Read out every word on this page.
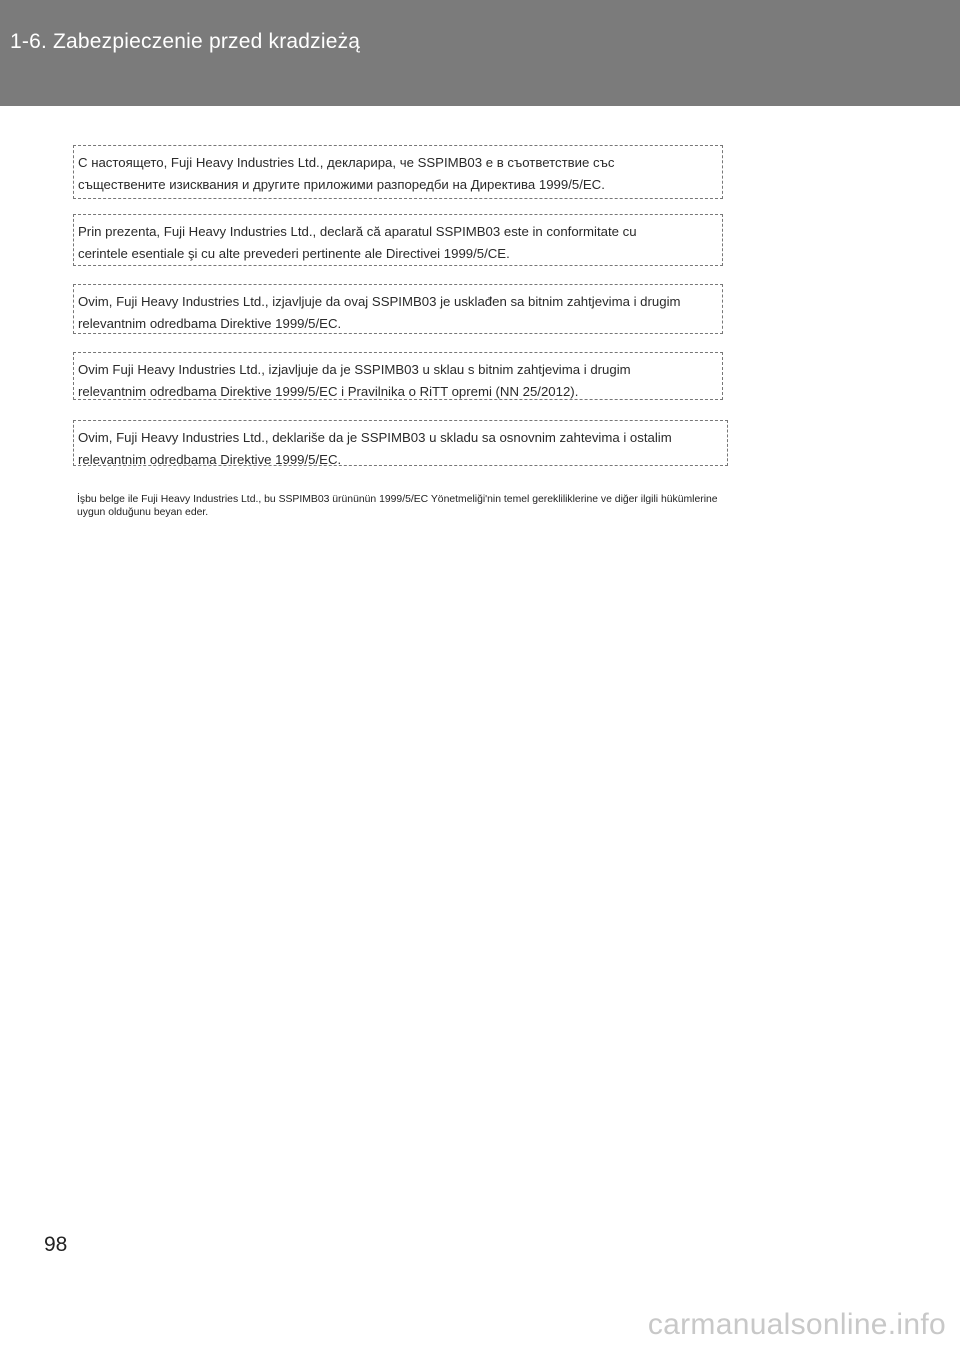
1-6. Zabezpieczenie przed kradzieżą
С настоящето, Fuji Heavy Industries Ltd., декларира, че SSPIMB03 е в съответствие със
съществените изисквания и другите приложими разпоредби на Директива 1999/5/ЕС.
Prin prezenta, Fuji Heavy Industries Ltd., declară că aparatul SSPIMB03 este in conformitate cu
cerintele esentiale şi cu alte prevederi pertinente ale Directivei 1999/5/CE.
Ovim, Fuji Heavy Industries Ltd., izjavljuje da ovaj SSPIMB03 je usklađen sa bitnim zahtjevima i drugim
relevantnim odredbama Direktive 1999/5/EC.
Ovim Fuji Heavy Industries Ltd., izjavljuje da je SSPIMB03 u sklau s bitnim zahtjevima i drugim
relevantnim odredbama Direktive 1999/5/EC i Pravilnika o RiTT opremi (NN 25/2012).
Ovim, Fuji Heavy Industries Ltd., deklariše da je SSPIMB03 u skladu sa osnovnim zahtevima i ostalim
relevantnim odredbama Direktive 1999/5/EC.
İşbu belge ile Fuji Heavy Industries Ltd., bu SSPIMB03 ürününün 1999/5/EC Yönetmeliği'nin temel gerekliliklerine ve diğer ilgili hükümlerine uygun olduğunu beyan eder.
98
carmanualsonline.info
